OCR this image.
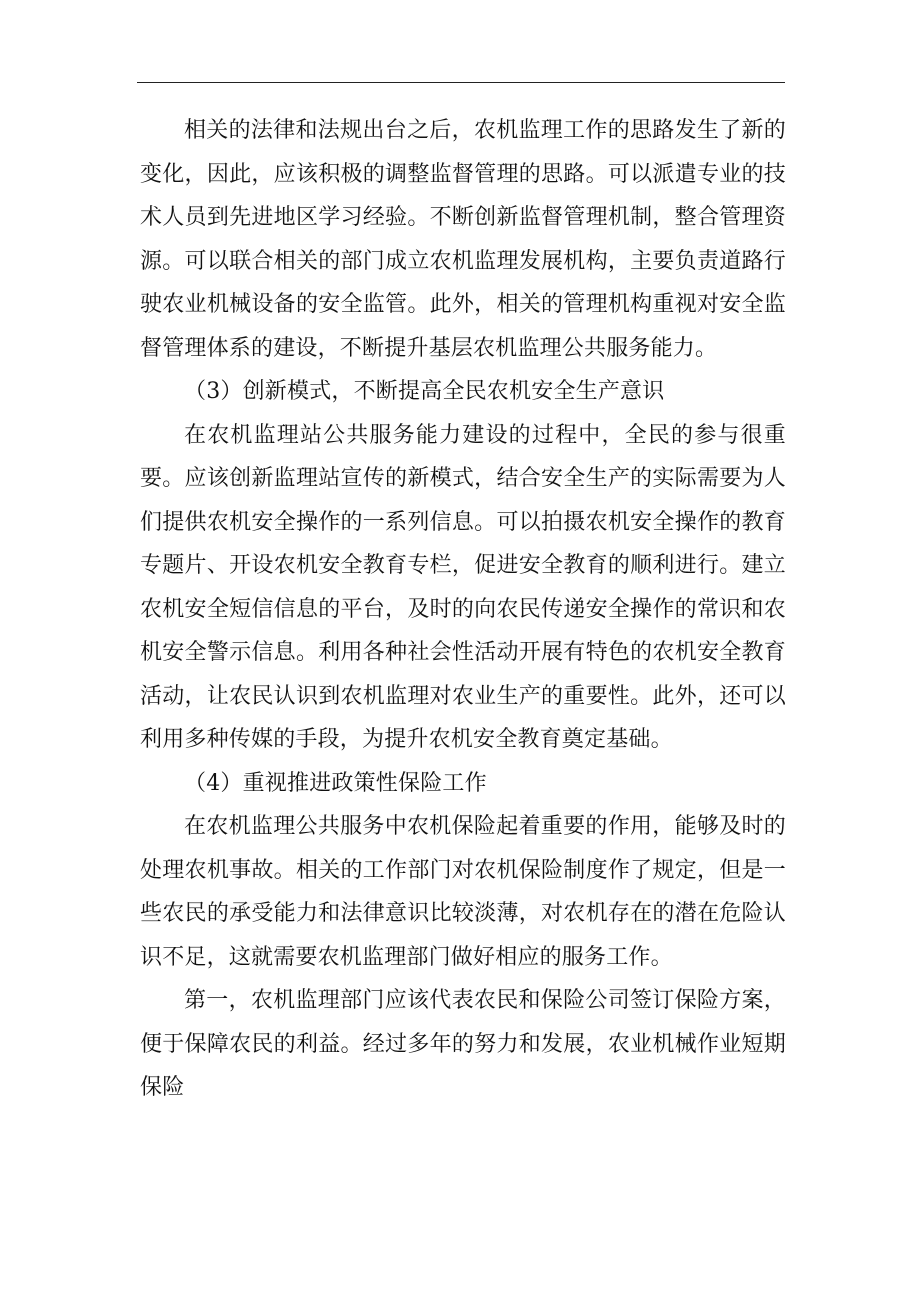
相关的法律和法规出台之后，农机监理工作的思路发生了新的变化，因此，应该积极的调整监督管理的思路。可以派遣专业的技术人员到先进地区学习经验。不断创新监督管理机制，整合管理资源。可以联合相关的部门成立农机监理发展机构，主要负责道路行驶农业机械设备的安全监管。此外，相关的管理机构重视对安全监督管理体系的建设，不断提升基层农机监理公共服务能力。

（3）创新模式，不断提高全民农机安全生产意识

在农机监理站公共服务能力建设的过程中，全民的参与很重要。应该创新监理站宣传的新模式，结合安全生产的实际需要为人们提供农机安全操作的一系列信息。可以拍摄农机安全操作的教育专题片、开设农机安全教育专栏，促进安全教育的顺利进行。建立农机安全短信信息的平台，及时的向农民传递安全操作的常识和农机安全警示信息。利用各种社会性活动开展有特色的农机安全教育活动，让农民认识到农机监理对农业生产的重要性。此外，还可以利用多种传媒的手段，为提升农机安全教育奠定基础。

（4）重视推进政策性保险工作

在农机监理公共服务中农机保险起着重要的作用，能够及时的处理农机事故。相关的工作部门对农机保险制度作了规定，但是一些农民的承受能力和法律意识比较淡薄，对农机存在的潜在危险认识不足，这就需要农机监理部门做好相应的服务工作。

第一，农机监理部门应该代表农民和保险公司签订保险方案，便于保障农民的利益。经过多年的努力和发展，农业机械作业短期保险
